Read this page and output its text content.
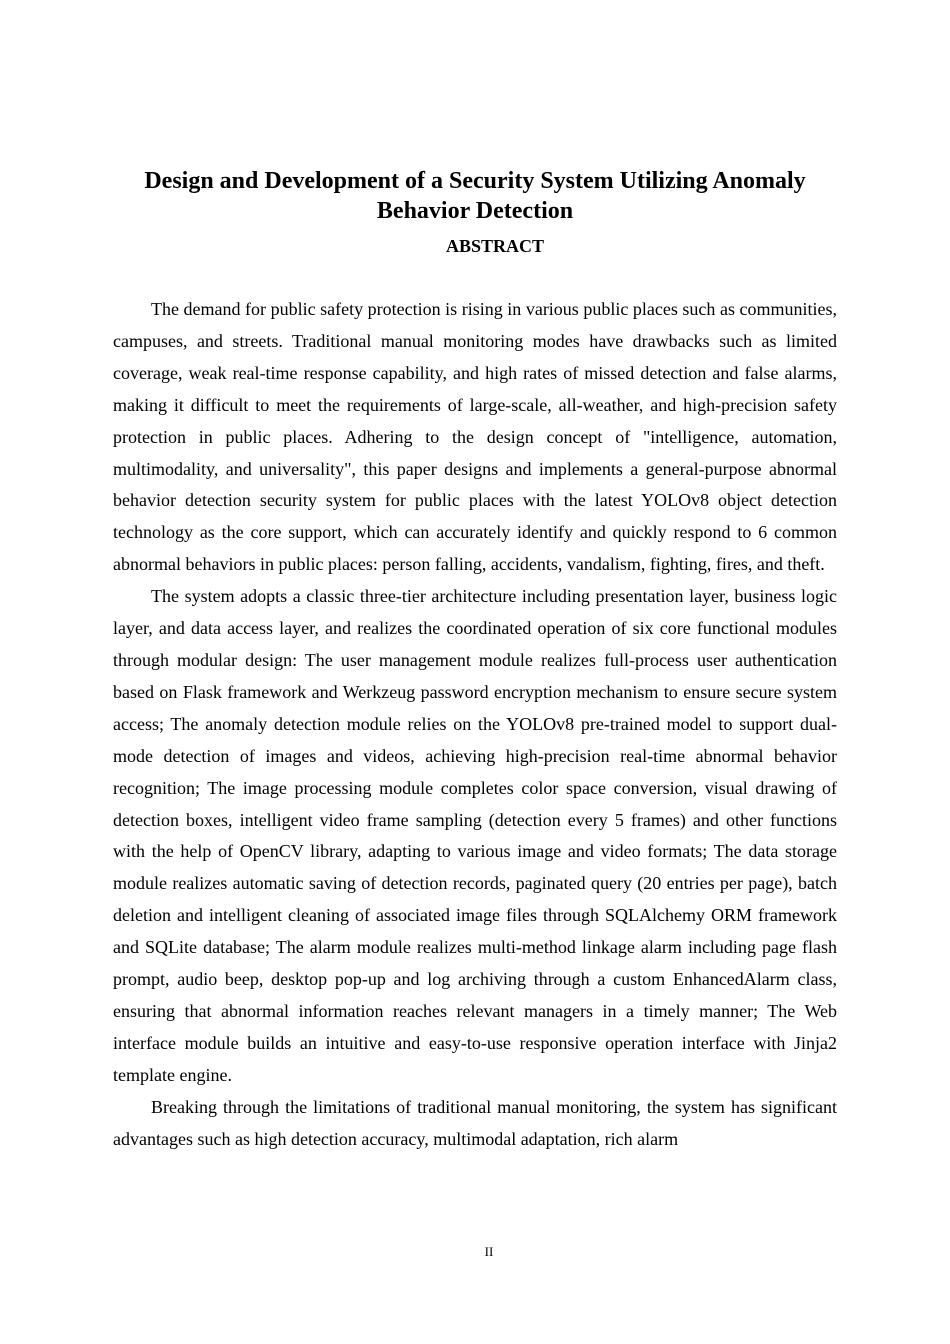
Design and Development of a Security System Utilizing Anomaly Behavior Detection
ABSTRACT

The demand for public safety protection is rising in various public places such as communities, campuses, and streets. Traditional manual monitoring modes have drawbacks such as limited coverage, weak real-time response capability, and high rates of missed detection and false alarms, making it difficult to meet the requirements of large-scale, all-weather, and high-precision safety protection in public places. Adhering to the design concept of "intelligence, automation, multimodality, and universality", this paper designs and implements a general-purpose abnormal behavior detection security system for public places with the latest YOLOv8 object detection technology as the core support, which can accurately identify and quickly respond to 6 common abnormal behaviors in public places: person falling, accidents, vandalism, fighting, fires, and theft.

The system adopts a classic three-tier architecture including presentation layer, business logic layer, and data access layer, and realizes the coordinated operation of six core functional modules through modular design: The user management module realizes full-process user authentication based on Flask framework and Werkzeug password encryption mechanism to ensure secure system access; The anomaly detection module relies on the YOLOv8 pre-trained model to support dual-mode detection of images and videos, achieving high-precision real-time abnormal behavior recognition; The image processing module completes color space conversion, visual drawing of detection boxes, intelligent video frame sampling (detection every 5 frames) and other functions with the help of OpenCV library, adapting to various image and video formats; The data storage module realizes automatic saving of detection records, paginated query (20 entries per page), batch deletion and intelligent cleaning of associated image files through SQLAlchemy ORM framework and SQLite database; The alarm module realizes multi-method linkage alarm including page flash prompt, audio beep, desktop pop-up and log archiving through a custom EnhancedAlarm class, ensuring that abnormal information reaches relevant managers in a timely manner; The Web interface module builds an intuitive and easy-to-use responsive operation interface with Jinja2 template engine.

Breaking through the limitations of traditional manual monitoring, the system has significant advantages such as high detection accuracy, multimodal adaptation, rich alarm

II
